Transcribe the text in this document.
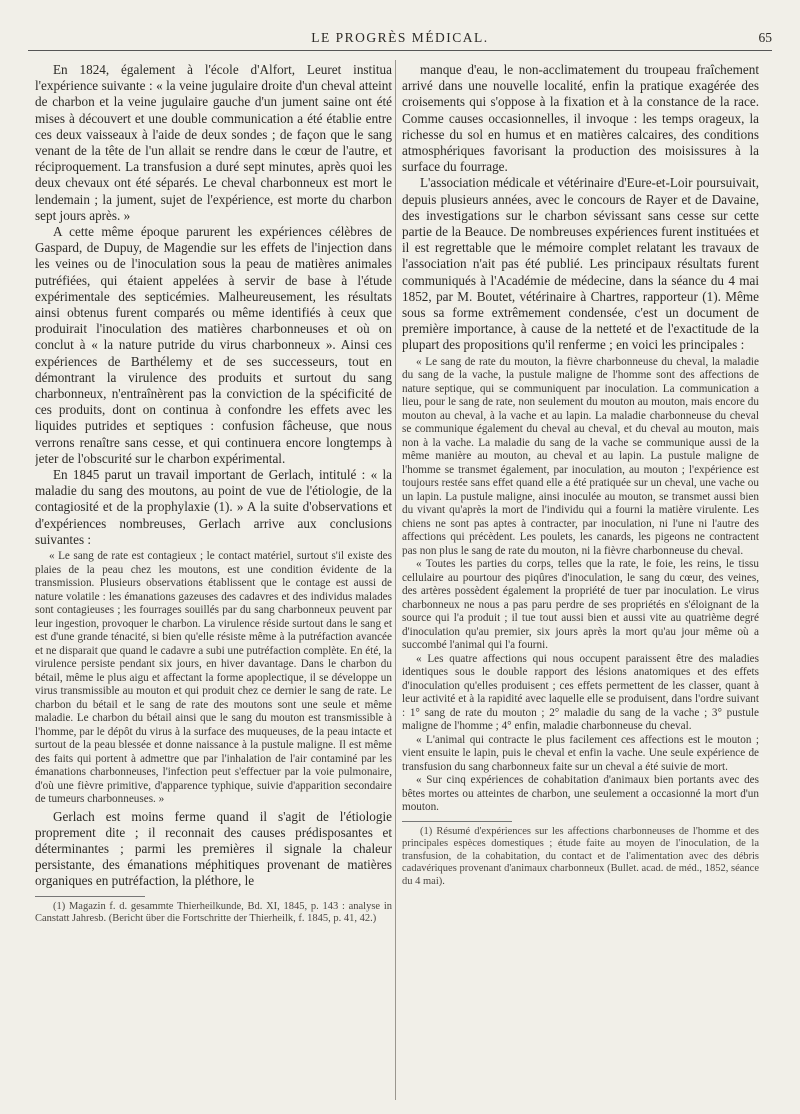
LE PROGRÈS MÉDICAL.	65

En 1824, également à l'école d'Alfort, Leuret institua l'expérience suivante : « la veine jugulaire droite d'un cheval atteint de charbon et la veine jugulaire gauche d'un jument saine ont été mises à découvert et une double communication a été établie entre ces deux vaisseaux à l'aide de deux sondes ; de façon que le sang venant de la tête de l'un allait se rendre dans le cœur de l'autre, et réciproquement. La transfusion a duré sept minutes, après quoi les deux chevaux ont été séparés. Le cheval charbonneux est mort le lendemain ; la jument, sujet de l'expérience, est morte du charbon sept jours après. »

A cette même époque parurent les expériences célèbres de Gaspard, de Dupuy, de Magendie sur les effets de l'injection dans les veines ou de l'inoculation sous la peau de matières animales putréfiées, qui étaient appelées à servir de base à l'étude expérimentale des septicémies. Malheureusement, les résultats ainsi obtenus furent comparés ou même identifiés à ceux que produirait l'inoculation des matières charbonneuses et où on conclut à « la nature putride du virus charbonneux ». Ainsi ces expériences de Barthélemy et de ses successeurs, tout en démontrant la virulence des produits et surtout du sang charbonneux, n'entraînèrent pas la conviction de la spécificité de ces produits, dont on continua à confondre les effets avec les liquides putrides et septiques : confusion fâcheuse, que nous verrons renaître sans cesse, et qui continuera encore longtemps à jeter de l'obscurité sur le charbon expérimental.

En 1845 parut un travail important de Gerlach, intitulé : « la maladie du sang des moutons, au point de vue de l'étiologie, de la contagiosité et de la prophylaxie (1). » A la suite d'observations et d'expériences nombreuses, Gerlach arrive aux conclusions suivantes :

« Le sang de rate est contagieux ; le contact matériel, surtout s'il existe des plaies de la peau chez les moutons, est une condition évidente de la transmission. Plusieurs observations établissent que le contage est aussi de nature volatile : les émanations gazeuses des cadavres et des individus malades sont contagieuses ; les fourrages souillés par du sang charbonneux peuvent par leur ingestion, provoquer le charbon. La virulence réside surtout dans le sang et est d'une grande ténacité, si bien qu'elle résiste même à la putréfaction avancée et ne disparait que quand le cadavre a subi une putréfaction complète. En été, la virulence persiste pendant six jours, en hiver davantage. Dans le charbon du bétail, même le plus aigu et affectant la forme apoplectique, il se développe un virus transmissible au mouton et qui produit chez ce dernier le sang de rate. Le charbon du bétail et le sang de rate des moutons sont une seule et même maladie. Le charbon du bétail ainsi que le sang du mouton est transmissible à l'homme, par le dépôt du virus à la surface des muqueuses, de la peau intacte et surtout de la peau blessée et donne naissance à la pustule maligne. Il est même des faits qui portent à admettre que par l'inhalation de l'air contaminé par les émanations charbonneuses, l'infection peut s'effectuer par la voie pulmonaire, d'où une fièvre primitive, d'apparence typhique, suivie d'apparition secondaire de tumeurs charbonneuses. »

Gerlach est moins ferme quand il s'agit de l'étiologie proprement dite ; il reconnait des causes prédisposantes et déterminantes ; parmi les premières il signale la chaleur persistante, des émanations méphitiques provenant de matières organiques en putréfaction, la pléthore, le

(1) Magazin f. d. gesammte Thierheilkunde, Bd. XI, 1845, p. 143 : analyse in Canstatt Jahresb. (Bericht über die Fortschritte der Thierheilk, f. 1845, p. 41, 42.)

manque d'eau, le non-acclimatement du troupeau fraîchement arrivé dans une nouvelle localité, enfin la pratique exagérée des croisements qui s'oppose à la fixation et à la constance de la race. Comme causes occasionnelles, il invoque : les temps orageux, la richesse du sol en humus et en matières calcaires, des conditions atmosphériques favorisant la production des moisissures à la surface du fourrage.

L'association médicale et vétérinaire d'Eure-et-Loir poursuivait, depuis plusieurs années, avec le concours de Rayer et de Davaine, des investigations sur le charbon sévissant sans cesse sur cette partie de la Beauce. De nombreuses expériences furent instituées et il est regrettable que le mémoire complet relatant les travaux de l'association n'ait pas été publié. Les principaux résultats furent communiqués à l'Académie de médecine, dans la séance du 4 mai 1852, par M. Boutet, vétérinaire à Chartres, rapporteur (1). Même sous sa forme extrêmement condensée, c'est un document de première importance, à cause de la netteté et de l'exactitude de la plupart des propositions qu'il renferme ; en voici les principales :

« Le sang de rate du mouton, la fièvre charbonneuse du cheval, la maladie du sang de la vache, la pustule maligne de l'homme sont des affections de nature septique, qui se communiquent par inoculation. La communication a lieu, pour le sang de rate, non seulement du mouton au mouton, mais encore du mouton au cheval, à la vache et au lapin. La maladie charbonneuse du cheval se communique également du cheval au cheval, et du cheval au mouton, mais non à la vache. La maladie du sang de la vache se communique aussi de la même manière au mouton, au cheval et au lapin. La pustule maligne de l'homme se transmet également, par inoculation, au mouton ; l'expérience est toujours restée sans effet quand elle a été pratiquée sur un cheval, une vache ou un lapin. La pustule maligne, ainsi inoculée au mouton, se transmet aussi bien du vivant qu'après la mort de l'individu qui a fourni la matière virulente. Les chiens ne sont pas aptes à contracter, par inoculation, ni l'une ni l'autre des affections qui précèdent. Les poulets, les canards, les pigeons ne contractent pas non plus le sang de rate du mouton, ni la fièvre charbonneuse du cheval.

« Toutes les parties du corps, telles que la rate, le foie, les reins, le tissu cellulaire au pourtour des piqûres d'inoculation, le sang du cœur, des veines, des artères possèdent également la propriété de tuer par inoculation. Le virus charbonneux ne nous a pas paru perdre de ses propriétés en s'éloignant de la source qui l'a produit ; il tue tout aussi bien et aussi vite au quatrième degré d'inoculation qu'au premier, six jours après la mort qu'au jour même où a succombé l'animal qui l'a fourni.

« Les quatre affections qui nous occupent paraissent être des maladies identiques sous le double rapport des lésions anatomiques et des effets d'inoculation qu'elles produisent ; ces effets permettent de les classer, quant à leur activité et à la rapidité avec laquelle elle se produisent, dans l'ordre suivant : 1° sang de rate du mouton ; 2° maladie du sang de la vache ; 3° pustule maligne de l'homme ; 4° enfin, maladie charbonneuse du cheval.

« L'animal qui contracte le plus facilement ces affections est le mouton ; vient ensuite le lapin, puis le cheval et enfin la vache. Une seule expérience de transfusion du sang charbonneux faite sur un cheval a été suivie de mort.

« Sur cinq expériences de cohabitation d'animaux bien portants avec des bêtes mortes ou atteintes de charbon, une seulement a occasionné la mort d'un mouton.

(1) Résumé d'expériences sur les affections charbonneuses de l'homme et des principales espèces domestiques ; étude faite au moyen de l'inoculation, de la transfusion, de la cohabitation, du contact et de l'alimentation avec des débris cadavériques provenant d'animaux charbonneux (Bullet. acad. de méd., 1852, séance du 4 mai).
